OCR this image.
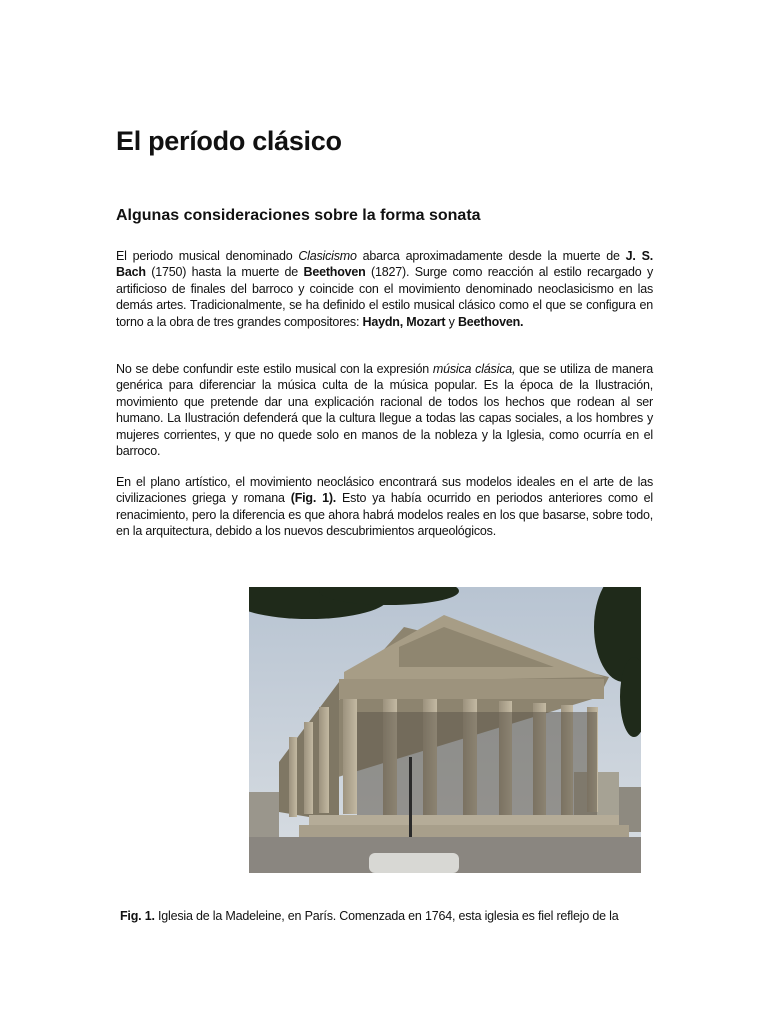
El período clásico
Algunas consideraciones sobre la forma sonata

El periodo musical denominado Clasicismo abarca aproximadamente desde la muerte de J. S. Bach (1750) hasta la muerte de Beethoven (1827). Surge como reacción al estilo recargado y artificioso de finales del barroco y coincide con el movimiento denominado neoclasicismo en las demás artes. Tradicionalmente, se ha definido el estilo musical clásico como el que se configura en torno a la obra de tres grandes compositores: Haydn, Mozart y Beethoven.

No se debe confundir este estilo musical con la expresión música clásica, que se utiliza de manera genérica para diferenciar la música culta de la música popular. Es la época de la Ilustración, movimiento que pretende dar una explicación racional de todos los hechos que rodean al ser humano. La Ilustración defenderá que la cultura llegue a todas las capas sociales, a los hombres y mujeres corrientes, y que no quede solo en manos de la nobleza y la Iglesia, como ocurría en el barroco.

En el plano artístico, el movimiento neoclásico encontrará sus modelos ideales en el arte de las civilizaciones griega y romana (Fig. 1). Esto ya había ocurrido en periodos anteriores como el renacimiento, pero la diferencia es que ahora habrá modelos reales en los que basarse, sobre todo, en la arquitectura, debido a los nuevos descubrimientos arqueológicos.

Fig. 1. Iglesia de la Madeleine, en París. Comenzada en 1764, esta iglesia es fiel reflejo de la
